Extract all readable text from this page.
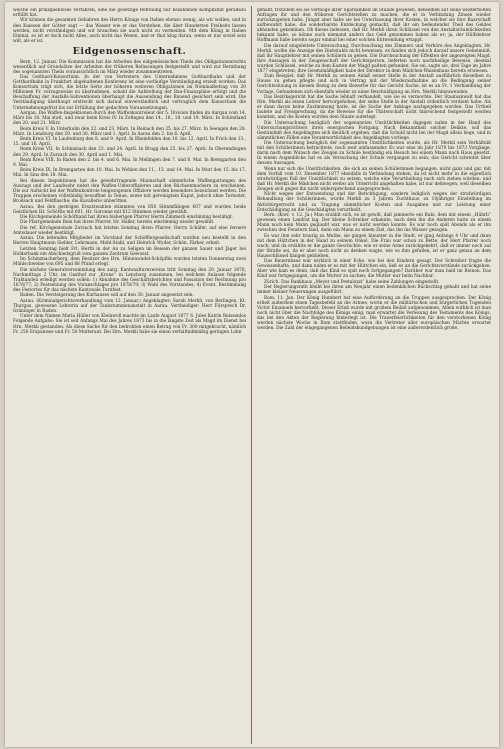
welche ein prinzipienloses Verfahren, eine die gesetzige Befreiung nur bezahlende Komplizität geradezu erfülltt hat.

Wir können die gesamten Gebahren des Herrn Königs von Italien ebenso wenig, als wir wollen, und in den Kuiesen der Götter sagt — das Wasser wie er das Verstehen, die über Hunderten Freiheits fassen werden, nicht verständigen und wir brauchen sie auch nicht zu vermeiden. Mit dem König in Italien Einmal, so ist er doch nicht Alles, auch nicht das Wesen, und er thut klug daran, wenn er nur soviel sein will, als er ist.

Eidgenossenschaft.

Bern, 12. Januar. Die Kommission hat die Arbeiten des eidgenössischen Theils des Obligationenrechts wesentlich auf Grundsätze der Arbeiten der früheren Befassungen festgestellt und wird zur Berathung des sogenannten Theils voraussichtlich im März wieder zusammentreten.

Das Gotthard-Konsortium. In der von Vertretern des Unternehmens Gotthardbahn und der Gotthardbahn in Frankfurt abgehaltenen Konferenz ist eine vorläufige Verständigung erzielt worden. Das Konsortium trägt sich, die letzte Serie der höheren weiteren Obligationen im Nominalbetrag von 20 Millionen Fr. vorzugsweise zu übernehmen, sobald die Aufstellung der Bau-Finanzpläne erfolgt und die Beschaffung der Ausfalls-Subventionen überhaupt die Aussendung des Bauend gesichert sein wird. Die Verständigung überhaupt erstreckt sich darauf einverständlich und vertraglich dem Konsortium die Unternehmungsfrist bis zur Erfüllung der gedachten Voraussetzungen.

Aargau. Die Waffen-Inspektionen durch den Waffenkontroleur der 5. Division finden im Aargau vom 14. März bis 18. Mai statt, und zwar beim Kreis IV. In Zofingen den 14., 16., 18. und 19. März. In Schönfland den 20. und 21. März.

Beim Kreis V. In Unterkulm den 22. und 23. März. In Reinach den 25. bis 27. März. In Seengen den 28. März. In Lenzburg den 29. und 30. März und 1. April. In Aarau den 2. bis 6. April.

Beim Kreis VI. In Laufenburg den 8. und 9. April. In Rheinfelden den 10. bis 12. April. In Frick den 13., 15. und 16. April.

Beim Kreis VII. In Schinznach den 23. und 24. April. In Brugg den 25. bis 27. April. In Oberendingen den 29. April. In Zurzach den 30. April und 1. Mai.

Beim Kreis VIII. In Baden den 2. bis 4. und 6. Mai. In Mellingen den 7. und 8. Mai. In Bremgarten den 9. Mai.

Beim Kreis IX. In Bremgarten den 10. Mai. In Wohlen den 11., 13. und 14. Mai. In Muri den 15. bis 17. Mai. In Sins den 18. Mai.

Bei diesen Inspektionen hat die gewehrtragende Mannschaft sämmtliche Waffengattungen des Auszugs und der Landwehr nebst den Waffen-Unteroffizieren und den Büchsenmachern zu erscheinen. Die zur Aufsicht bei der Waffenkontrole beigezogenen Offiziere werden besonders bezeichnet werden. Die Truppen erscheinen vollständig bewaffnet in Tenue, sowie mit gereinigtem Kaput, jedoch ohne Tornister, Brodsack und Feldflasche; die Kavallerie unberitten.

Aarau. Bei den gestrigen Ersatzwahlen stimmten von 850 Stimmfähigen 607 und wurden beide Geistlichen Hr. Schöttle mit 601, Hr. Garonne mit 612 Stimmen wieder gewählt.

Die Kirchgemeinde Schöftland hat ihren bisherigen Pfarrer Herrn Zimmerli einstimmig bestätigt.

Die Pfarrgemeinde Rein hat ihren Pfarrer, Hr. Haller, bereits einstimmig wieder gewählt.

Die ref. Kirchgemeinde Zurzach hat letzten Sonntag ihren Pfarrer, Herrn Schäfer, auf eine fernere Amtsdauer wieder bestätigt.

Aarau. Die leitenden Mitglieder im Vorstand der Schöfflergesellschaft wurden neu bestellt in den Herren Hauptmann Siebler, Lehrmann, Mehl-Stahl, und Heinrich Wyder, Schön, Färber, erkeit.

Letzten Sonntag hielt Frl. Hertli in der Au zu Seligen im Beisein der ganzen Sauer und Jäger bei Holderbank ein Abschiedsgruß vom ganzen Zentrum Gewusst.

Im Schinznacherberg, dem Besitzer des Hrn. Hünenwadel-Schöpflin wurden letzten Donnerstag zwei Mühlschweine von 695 und 88 Pfund erlegt.

Die nächste Generalversammlung des aarg. Kantonalturnvereins tritt Sonntag den 20. Januar 1878, Nachmittags 2 Uhr, im Gasthof zur „Krone“ in Lenzburg zusammen, bei welchem Anlasse folgende Traktanden erledigt werden sollen: 1) Abnahme des Geschäftsberichtes und Passation der Rechnung pro 1876/77; 2) Festsetzung des Voranschlages pro 1878/79; 3) Wahl des Vorstandes; 4) Event. Bestimmung des Festortes für das nächste Kantonale Turnfest.

Baden. Die Versteigerung des Kurhauses soll auf den 30. Januar angesetzt sein.

Aarau. (Kriminalgerichtsverhandlung vom 12. Januar.) Angeklagter: Sarah Merkli, von Berlingen, Kt. Thurgau, gewesene Lehrerin auf der Taubstummenanstalt in Aarau. Vertheidiger: Herr Fürsprech Dr. Gräninger in Baden.

Unter dem Namen Maria Hüller von Kleinwoll machte im Laufe August 1877 S. Jules Katrin Reissenlos Folgende Aufgabe: Sie ist seit Anfangs Mai des Jahres 1873 bis in die längste Zeit als Magd im Dienst bei Hrn. Merkli gestanden. Als diese Sache für den bedrohten einen Betrag von Fr. 300 mitgebracht, nämlich Fr. 250 Erspanisse und Fr. 50 Mutteraut. Bei Hrn. Merkli habe sie einen verhältnißmäßig geringen Lohn

gehabt; trotzdem sei sie vermöge ihrer Sparsamkeit im Stande gewesen, denselben auf seine wiederholten Anfragen ihr und den früheren Gerichtstellen zu machen, die er in Verbindung Zinsen wieder zurückzugeben habe. Jüngst aber habe sie bei Unterlassung ihrer Kosten, in welcher sie ihre Baarschaft aufbewahrt habe, die sonderbarste Entdeckung gemacht, daß ihr ein bedeutender Theil des Geldes abhanden gekommen. Ob dieses indessen, daß Hr. Merkli ihren Schlüssel von den Anstaltsräumlichkeiten bekannt habe, so könne auch niemand anders das Geld genommen haben als er; ja, der Hülfslehrer Hoffmann habe bereits sogar einmal bei einer solchen Entwendung ertappt.

Die darauf eingeleitete Untersuchung, Durchsuchung des Zimmers und Verhöre des Angeklagten, Hr. Merkli, wollte die Anzeige des Diebstahls nicht beweisen, es fanden sich jedoch darauf unsere Geheimniß, daß ihr Hauptlehrer mit seinen Schülern zu geben. Die Durchsuchung der Effekten der angezeigten Magd, ihre Aussagen in der Zeugenschaft der Gerichtsperson, lieferten noch nachtheilige Beweise, diesmal wurden Schlüssel, welche zu dem Kasten der Magd paßten gefunden. Sie sei, sagte sie, drei Tage im Jahre 1877 eingetreten; ihre Gesetzmäßigkeit habe der Direktor in dem Mädchen-Waisenhaus bereits erwiesen.

Zum Beispiel, daß Hr. Merkli zu seinem Anlaß seiner Stelle in der Anstalt ausführlich dieselben zu Hause zu gehen pflegte und sich in Vertrag mit der Wiederaufnahme an die Bedingung seiner Gerichtssitzung in diesem Bezug zu dem Bewerbe für das Gericht Sache, ist es an Fr. 1 Verhandlung der Vorlage, Gefundenen sich ebenfalls wieder zu einer Beschuldigung an Hrn. Merkli hinzuwenden.

Das Bezirksgericht hat die Sache lebhaft verhandelt, wie sie es vermochte. Der Staatsanwalt hat das Hrn. Merkli als einen Lehrer hervorgehoben, der seine Stelle in der Anstalt ordentlich verdient habe. Als er dann davon keine Zustimmung hatte, ist die Sache der Anklage nachgegeben worden. Das Urtheil lautete auf Freisprechung, da die Beweise für die Thäterschaft nicht hinreichend festgestellt werden konnten, und die Kosten wurden dem Staate auferlegt.

Die Untersuchung bezüglich der sogenannten Unsittlichkeiten dagegen nahm in der Hand des Untersuchungsrichters ihren energischen Fortgang. Nach Bekanntheit solcher Delikte, soll das Geständniß des Angeklagten sich deutlich ergeben, daß die Schuld nicht bei der Magd allein liege, und in sämmtlichen Fällen eine Verantwortlichkeit des Angeklagten vorliege.

Die Untersuchung bezüglich der sogenannten Unsittlichkeiten wurde, als Hr. Merkli sein Verhältniß mit den Schülerinnen betrachtete, noch weit umfassender. Es war eine im Jahr 1870 bis 1873 Vorgänge, darin nach dem Wunsch des Zeugen zu Schule beständig ein Besuch bei einem Mann nach Haus gesetzt. In einem Augenblicke hat es als Versuchung der Schule vergangen zu sein; das Gericht schreitet über dessen Aussagen.

Wenn nur sich die Unsittlichkeiten, die sich an seinen Schülerinnen begangen, nicht ganz und gar, mit dem Vorfall vom 10. Dezember 1877 ebenfalls in Verbindung stehen, da ist nicht mehr in die eigentlich strafwürdigen Fall der Unsittlichkeit zu setzen, welche eine Verurtheilung nach sich ziehen würden; und daß Hr. Merkli die Mädchen nicht weiter als Unterricht angehalten habe, ist nur deßwegen, weil dieselben Zeugen sich gegen ihn nicht widersprechend ausgesprochen.

Nicht wegen der Entwendung und der Berichtigung, sondern lediglich wegen der strafwürdigen Behandlung der Schülerinnen, wurde Merkli zu 3 Jahren Zuchthaus, zu 10jähriger Einstellung im Aktivbürgerrecht und zu Tragung sämmtlicher Kosten und Ausgaben und zur Leistung einer Entschädigung an die Geschädigten verurtheilt.

Bern. (Korr. v. 12. Ja.) Man erzählt sich, es ist gewiß, daß jammerte ein Bubi, dem mit einem „Hührli“ gewesen einen Landrat lag. Der kleine Schreiber erkannte, nach dem ihn die Anderen hatte zu einem Mann noch kein Mann geglaubt war, was er nicht werden konnte. Es war noch spät Abends als er ihn zwischen den Fenstern fand, dann ein Mann zu einem Ziel, das ihn ins Wasser gezogen.

Es war ihm sehr traurig zu Muthe, sie gingen hinunter in die Stadt, er ging Anfangs 4 Uhr und dann mit dem Hüttchen in der Hand zu seinem Onkel. Die Frau war schon zu Bette, der Herr Pfarrer noch wach, und da erzählte er die ganze Geschichte: wie er seine Arme zurückgekehrt, daß er immer noch auf der Straße sei, da er aber noch nicht zu denken wagte, wie es ihm gefallen, ist er ganz genau an dem Hausschlüssel hängen geblieben.

Das Bauernhaus war wirklich in einer Ecke, wie bei den Kindern gesagt. Der Schreiber fragte die Gewissenhafte, und dann nahm er es mit der Hüttchen ein, ließ es an die Gerichtsvorstände zurückgehen. Aber wie kam es denn, daß das Kind so spät noch fortgegangen? Darüber war man bald im Reinen. Das Kind war fortgegangen, um die Mutter zu suchen; die Mutter war beim Nachbar.

Zürich. Das Bankhaus „Meyer und Pestalozzi“ habe seine Zahlungen eingestellt.

Der Regierungsrath bleibt bei ihren am Neujahr einen bedenklichen Rückschlag gehabt und hat seine immer kleiner Neuerungen ausgeführt.

Rom, 11. Jan. Der König Humbert hat eine Aufforderung an die Truppen ausgesprochen. Der König erließ außerdem einen Tagesbefehl an die Armee, worin er die militärischen und bürgerlichen Tugenden Victor Emanuels hervorhebt. Dieser Erlaß wurde mit großem Beifall aufgenommen. Allein wirklich ist man noch nicht über die Nachfolge des Königs einig; man erwartet die Verlesung des Testaments des Königs, das bei den Akten der Regierung hinterlegt ist. Die Trauerfeierlichkeiten für den verstorbenen König werden nächste Woche in Rom stattfinden, wozu die Vertreter aller europäischen Mächte erwartet werden. Die Zahl der eingegangenen Beileidskundgebungen ist eine außerordentlich große.
